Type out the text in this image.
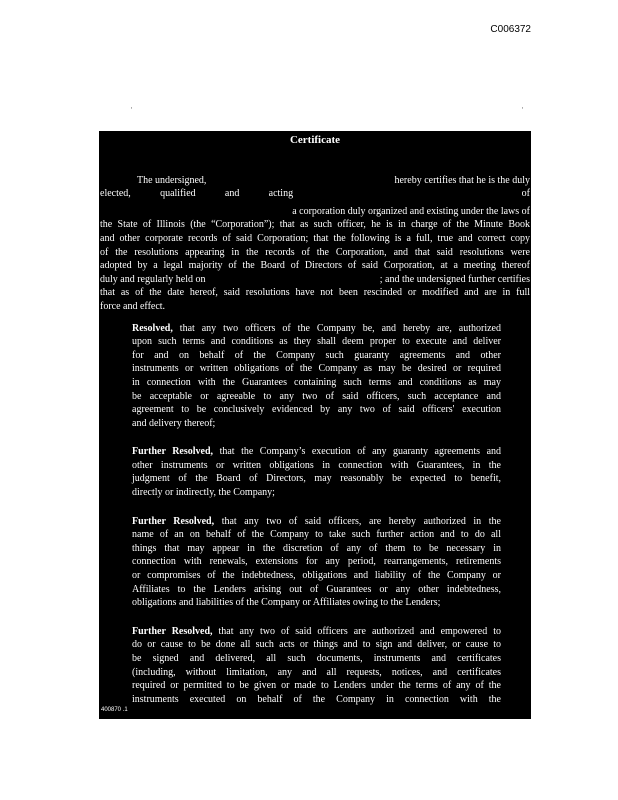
C006372
·	·
Certificate
The undersigned,	hereby certifies that he is the duly
elected,	qualified	and	acting	of
a corporation duly organized and existing under the laws of
the State of Illinois (the “Corporation”); that as such officer, he is in charge of the Minute Book
and other corporate records of said Corporation; that the following is a full, true and correct copy
of the resolutions appearing in the records of the Corporation, and that said resolutions were
adopted by a legal majority of the Board of Directors of said Corporation, at a meeting thereof
duly and regularly held on	; and the undersigned further certifies
that as of the date hereof, said resolutions have not been rescinded or modified and are in full
force and effect.
Resolved, that any two officers of the Company be, and hereby are, authorized
upon such terms and conditions as they shall deem proper to execute and deliver
for and on behalf of the Company such guaranty agreements and other
instruments or written obligations of the Company as may be desired or required
in connection with the Guarantees containing such terms and conditions as may
be acceptable or agreeable to any two of said officers, such acceptance and
agreement to be conclusively evidenced by any two of said officers' execution
and delivery thereof;
Further Resolved, that the Company’s execution of any guaranty agreements and
other instruments or written obligations in connection with Guarantees, in the
judgment of the Board of Directors, may reasonably be expected to benefit,
directly or indirectly, the Company;
Further Resolved, that any two of said officers, are hereby authorized in the
name of an on behalf of the Company to take such further action and to do all
things that may appear in the discretion of any of them to be necessary in
connection with renewals, extensions for any period, rearrangements, retirements
or compromises of the indebtedness, obligations and liability of the Company or
Affiliates to the Lenders arising out of Guarantees or any other indebtedness,
obligations and liabilities of the Company or Affiliates owing to the Lenders;
Further Resolved, that any two of said officers are authorized and empowered to
do or cause to be done all such acts or things and to sign and deliver, or cause to
be signed and delivered, all such documents, instruments and certificates
(including, without limitation, any and all requests, notices, and certificates
required or permitted to be given or made to Lenders under the terms of any of the
instruments executed on behalf of the Company in connection with the
400870 .1
